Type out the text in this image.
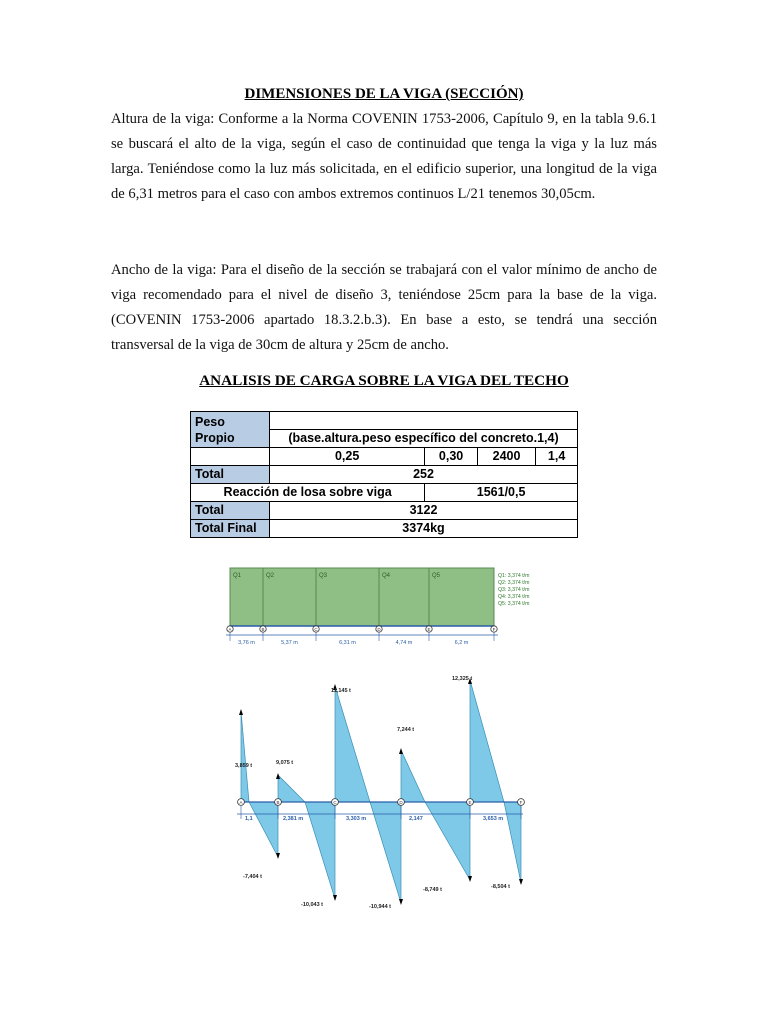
DIMENSIONES DE LA VIGA (SECCIÓN)

Altura de la viga: Conforme a la Norma COVENIN 1753-2006, Capítulo 9, en la tabla 9.6.1 se buscará el alto de la viga, según el caso de continuidad que tenga la viga y la luz más larga. Teniéndose como la luz más solicitada, en el edificio superior, una longitud de la viga de 6,31 metros para el caso con ambos extremos continuos L/21 tenemos 30,05cm.

Ancho de la viga: Para el diseño de la sección se trabajará con el valor mínimo de ancho de viga recomendado para el nivel de diseño 3, teniéndose 25cm para la base de la viga. (COVENIN 1753-2006 apartado 18.3.2.b.3). En base a esto, se tendrá una sección transversal de la viga de 30cm de altura y 25cm de ancho.

ANALISIS DE CARGA SOBRE LA VIGA DEL TECHO
Peso
Propio				
	(base.altura.peso específico del concreto.1,4)			
	0,25	0,30	2400	1,4
Total	252			
Reacción de losa sobre viga		1561/0,5		
Total	3122			
Total Final	3374kg			
Q1	Q2	Q3	Q4	Q5
A	B	C	D	E	F
3,76 m	5,37 m	6,31 m	4,74 m	6,2 m
Q1: 3,374 t/m
Q2: 3,374 t/m
Q3: 3,374 t/m
Q4: 3,374 t/m
Q5: 3,374 t/m
A	B	C	D	E	F
3,859 t	9,075 t
11,145 t
7,244 t
12,325 t
-7,404 t
-10,043 t	-10,944 t
-8,749 t	-8,504 t
1,1	2,381 m	3,303 m	2,147	3,653 m
